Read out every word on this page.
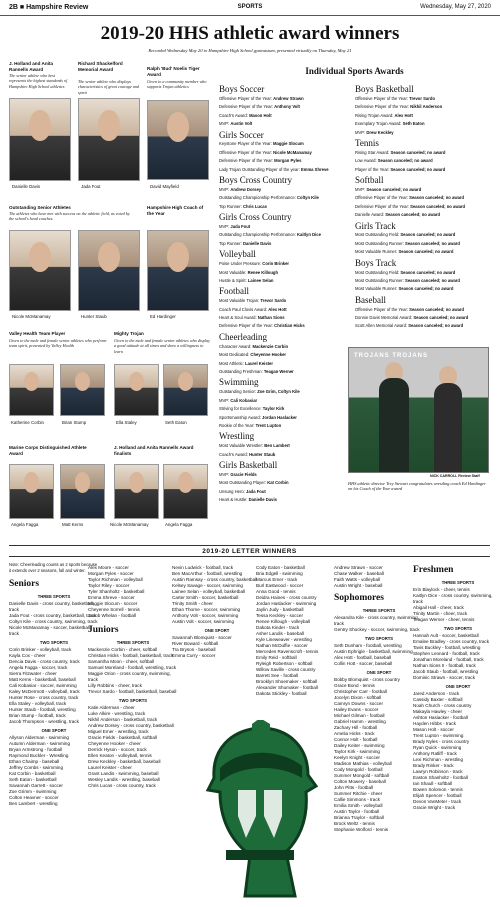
2B ■ Hampshire Review	SPORTS	Wednesday, May 27, 2020
2019-20 HHS athletic award winners
Recorded Wednesday May 20 to Hampshire High School gymnasium, presented virtually on Thursday, May 21
J. Holland and Anita Rannells Award
The senior athlete who best represents the highest standards of Hampshire High School athletics
Richard Shackelford Memorial Award
The senior athlete who displays characteristics of great courage and spirit
Ralph 'Bud' Noelis Tiger Award
Given to a community member who supports Trojan athletics
Danielle Davis	Jada Fout	David Mayfield
Outstanding Senior Athletes
The athletes who have met with success on the athletic field, as voted by the school's head coaches.
Hampshire High Coach of the Year
Nicole McManamay	Hunter Staub	Ed Hardinger
Valley Health Team Player
Given to the male and female senior athletes who perform team spirit, presented by Valley Health
Mighty Trojan
Given to the male and female senior athletes who display a good attitude at all times and show a willingness to learn
Katherine Corbin	Brian Stump	Ella Staley	Seth Eaton
Marine Corps Distinguished Athlete Award
J. Holland and Anita Rannells Award finalists
Angela Fagga	Matt Kerns	Nicole McManamay	Angela Fagga
Individual Sports Awards
Boys Soccer
Offensive Player of the Year: Andrew Strawn
Defensive Player of the Year: Anthony Volt
Coach's Award: Mason Holt
MVP: Austin Volt
Girls Soccer
Keystone Player of the Year: Maggie Slocum
Offensive Player of the Year: Nicole McManamay
Defensive Player of the Year: Morgan Pyles
Lady Trojan Outstanding Player of the year: Emma Shreve
Boys Cross Country
MVP: Andrew Dorsey
Outstanding Championship Performance: Coltyn Kile
Top Runner: Chris Lucas
Girls Cross Country
MVP: Jada Fout
Outstanding Championship Performance: Kaitlyn Dice
Top Runner: Danielle Davis
Volleyball
Poise Under Pressure: Corin Brinker
Most Valuable: Renee Killough
Hustle & Spirit: Lainee Selan
Football
Most Valuable Trojan: Trevor Sardo
Coach Paul Clovis Award: Alex Hott
Heart & Soul Award: Nathan Sions
Defensive Player of the Year: Christian Hicks
Cheerleading
Character Award: Mackenzie Corbin
Most Dedicated: Cheyenne Hooker
Most Athletic: Laurel Keister
Outstanding Freshman: Teagan Werner
Swimming
Outstanding Senior: Zoe Grim, Coltyn Kile
MVP: Cali Kobasiar
Striving for Excellence: Taylor Kirk
Sportsmanship Award: Jordan Haslacker
Rookie of the Year: Trent Lupton
Wrestling
Most Valuable Wrestler: Ben Lambert
Coach's Award: Hunter Staub
Girls Basketball
MVP: Gracie Fields
Most Outstanding Player: Kat Corbin
Unsung Hero: Jada Fout
Heart & Hustle: Danielle Davis
Boys Basketball
Offensive Player of the Year: Trevor Sardo
Defensive Player of the Year: Nikhil Anderson
Rising Trojan Award: Alex Hott
Exemplary Trojan Award: Seth Eaton
MVP: Drew Keckley
Tennis
Rising Star Award: Season canceled; no award
Low Award: Season canceled; no award
Player of the Year: Season canceled; no award
Softball
MVP: Season canceled; no award
Offensive Player of the Year: Season canceled; no award
Defensive Player of the Year: Season canceled; no award
Danielle Award: Season canceled; no award
Girls Track
Most Outstanding Field: Season canceled; no award
Most Outstanding Runner: Season canceled; no award
Most Valuable Runner: Season canceled; no award
Boys Track
Most Outstanding Field: Season canceled; no award
Most Outstanding Runner: Season canceled; no award
Most Valuable Runner: Season canceled; no award
Baseball
Offensive Player of the Year: Season canceled; no award
Donnie Davis Memorial Award: Season canceled; no award
Scott Allen Memorial Award: Season canceled; no award
TROJANS TROJANS
NICK CARROLL Review Staff
HHS athletic director Trey Stewart congratulates wrestling coach Ed Hardinger on his Coach of the Year award
2019-20 LETTER WINNERS
Note: Cheerleading counts as 2 sports because it extends over 2 seasons, fall and winter.
Seniors
THREE SPORTS
Danielle Davis - cross country, basketball, track
Jada Fout - cross country, basketball, track
Coltyn Kile - cross country, swimming, track
Nicole McManamay - soccer, basketball, track
TWO SPORTS
Corin Brinker - volleyball, track
Kayla Cox - cheer
Dencia Davis - cross country, track
Angela Fagga - soccer, track
Sierra Fitzwater - cheer
Matt Kerns - basketball, baseball
Cali Kobasiar - soccer, swimming
Kaley McDermott - volleyball, track
Hunter Rose - cross country, track
Ella Staley - volleyball, track
Hunter Staub - football, wrestling
Brian Stump - football, track
Jacob Thompson - wrestling, track
ONE SPORT
Allyson Alderman - swimming
Autumn Alderman - swimming
Bryan Armstrong - football
Raymond Buckler - Wrestling
Ethan Chaimp - baseball
Jeffrey Combs - swimming
Kat Corbin - basketball
Seth Eaton - basketball
Savannah Garrett - soccer
Zoe Grimm - swimming
Colton Heavner - soccer
Ben Lambert - wrestling
Alex Moore - soccer
Morgan Pyles - soccer
Taylor Richman - volleyball
Taylor Riley - soccer
Tyler Shanholtz - basketball
Emma Shreve - soccer
Maggie Slocum - soccer
Cheyenne Sorrell - tennis
Jacob Whelan - football
Juniors
THREE SPORTS
Mackenzie Corbin - cheer, softball
Christian Hicks - football, basketball, track
Samantha Moon - cheer, softball
Samuel Moreland - football, wrestling, track
Maggie Orion - cross country, swimming, track
Lilly Robbins - cheer, track
Trevor Sardo - football, basketball, baseball
TWO SPORTS
Katie Alderman - cheer
Luke Alkire - wrestling, track
Nikhil Anderson - basketball, track
Andrew Dorsey - cross country, basketball
Miguel Emer - wrestling, track
Gracie Fields - basketball, softball
Cheyenne Hooker - cheer
Derrick Hyson - soccer, track
Ellen Keaton - volleyball, tennis
Drew Keckley - basketball, baseball
Laurel Keister - cheer
Grant Landis - swimming, baseball
Wesley Landis - wrestling, baseball
Chris Lucas - cross country, track
Nevin Ludwick - football, track
Ben MacArthur - football, wrestling
Austin Ramsay - cross country, basketball
Kelsey Savage - soccer, swimming
Lainee Selan - volleyball, basketball
Carter Smith - soccer, basketball
Trinity Smith - cheer
Ethan Thorne - soccer, swimming
Anthony Volt - soccer, swimming
Austin Volt - soccer, swimming
ONE SPORT
Savannah Blomquist - soccer
River Boward - softball
Tra Bryson - baseball
Emma Curry - soccer
Cody Eaton - basketball
Bria Edgell - swimming
Marcus Emer - track
Burl Eastwood - soccer
Anna Good - tennis
Deidra Haines - cross country
Jordan Haslacker - swimming
Jaylin Judy - basketball
Tessa Keckley - soccer
Renee Killough - volleyball
Dakota Kinder - track
Asher Landis - baseball
Kyle Lineweaver - wrestling
Nathan McDuffie - soccer
Mercedes Ravenscroft - tennis
Emily Reid - softball
Ryleigh Robertson - softball
Willow Saville - cross country
Barrett See - football
Brooklyn Shoemaker - softball
Alexander Shumaker - football
Dakota Stickley - football
Andrew Strawn - soccer
Chase Walker - baseball
Faith Watts - volleyball
Austin Wright - baseball
Sophomores
THREE SPORTS
Alexandra Kile - cross country, swimming, track
Gentry Shockey - soccer, swimming, track
TWO SPORTS
Seth Dunham - football, wrestling
Austin Ephrigle - basketball, swimming
Alex Hott - football, baseball
Collin Hott - soccer, baseball
ONE SPORT
Bobby Blomquist - cross country
Grace Bond - tennis
Christopher Carr - football
Jocelyn Dixon - softball
Camryn Downs - soccer
Hailey Evans - soccer
Michael Gilman - football
Gabriel Hamm - wrestling
Zachary Hill - football
Amelia Hicks - track
Connor Holt - football
Dailey Keiter - swimming
Taylor Kirk - swimming
Keelyn Knight - soccer
Madison Mathias - volleyball
Cody Mongold - football
Summer Mongold - softball
Colton Mowery - baseball
John Pitts - football
Summer Ritchie - cheer
Callie Simmons - track
Emilia Smith - volleyball
Austin Taylor - football
Brianna Traylor - softball
Brock Weltz - tennis
Stephanie Wolford - tennis
Freshmen
THREE SPORTS
Erin Blaylock - cheer, tennis
Kaitlyn Dice - cross country, swimming, track
Abigail Hall - cheer, track
Trinity Martin - cheer, track
Teagan Werner - cheer, tennis
TWO SPORTS
Hannah Ault - soccer, basketball
Emalee Bradley - cross country, track
Tavis Buckley - football, wrestling
Stephen Leonard - football, track
Jonathan Moreland - football, track
Nathan Sions II - football, track
Jacob Staub - football, wrestling
Dominic Strawn - soccer, track
ONE SPORT
Jared Anderson - track
Cassidy Baxter - softball
Noah Church - cross country
Makayla Hawley - cheer
Ashton Hasiacker - football
Hayden Hibbs - track
Mason Holt - soccer
Trent Lupton - swimming
Brady Nyles - cross country
Ryan Quick - swimming
Anthony Ratliff - track
Lexi Richman - wrestling
Brady Rinker - track
Lawryn Robinson - track
Easton Shanholtz - football
Ian Shaull - softball
Bowen Solomon - tennis
Elijah Spencer - football
Devon VanMeter - track
Gracie Wright - track
